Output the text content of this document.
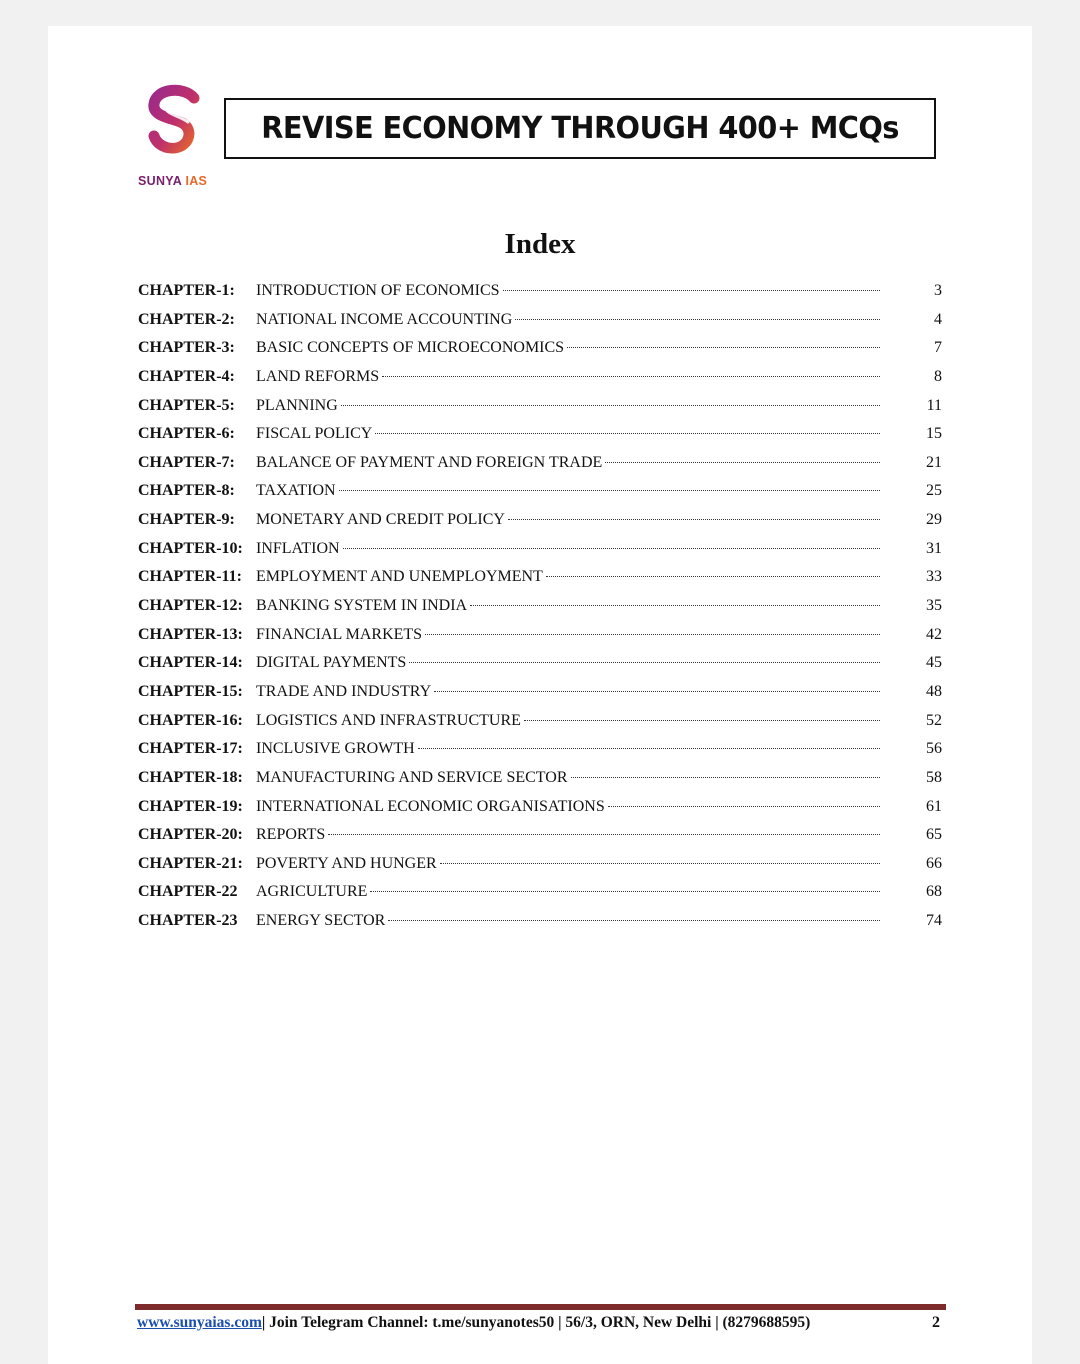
SUNYA IAS
REVISE ECONOMY THROUGH 400+ MCQs
Index
CHAPTER-1: INTRODUCTION OF ECONOMICS	3
CHAPTER-2: NATIONAL INCOME ACCOUNTING	4
CHAPTER-3: BASIC CONCEPTS OF MICROECONOMICS	7
CHAPTER-4: LAND REFORMS	8
CHAPTER-5: PLANNING	11
CHAPTER-6: FISCAL POLICY	15
CHAPTER-7: BALANCE OF PAYMENT AND FOREIGN TRADE	21
CHAPTER-8: TAXATION	25
CHAPTER-9: MONETARY AND CREDIT POLICY	29
CHAPTER-10: INFLATION	31
CHAPTER-11: EMPLOYMENT AND UNEMPLOYMENT	33
CHAPTER-12: BANKING SYSTEM IN INDIA	35
CHAPTER-13: FINANCIAL MARKETS	42
CHAPTER-14: DIGITAL PAYMENTS	45
CHAPTER-15: TRADE AND INDUSTRY	48
CHAPTER-16: LOGISTICS AND INFRASTRUCTURE	52
CHAPTER-17: INCLUSIVE GROWTH	56
CHAPTER-18: MANUFACTURING AND SERVICE SECTOR	58
CHAPTER-19: INTERNATIONAL ECONOMIC ORGANISATIONS	61
CHAPTER-20: REPORTS	65
CHAPTER-21: POVERTY AND HUNGER	66
CHAPTER-22 AGRICULTURE	68
CHAPTER-23 ENERGY SECTOR	74
www.sunyaias.com| Join Telegram Channel: t.me/sunyanotes50 | 56/3, ORN, New Delhi | (8279688595)	2
